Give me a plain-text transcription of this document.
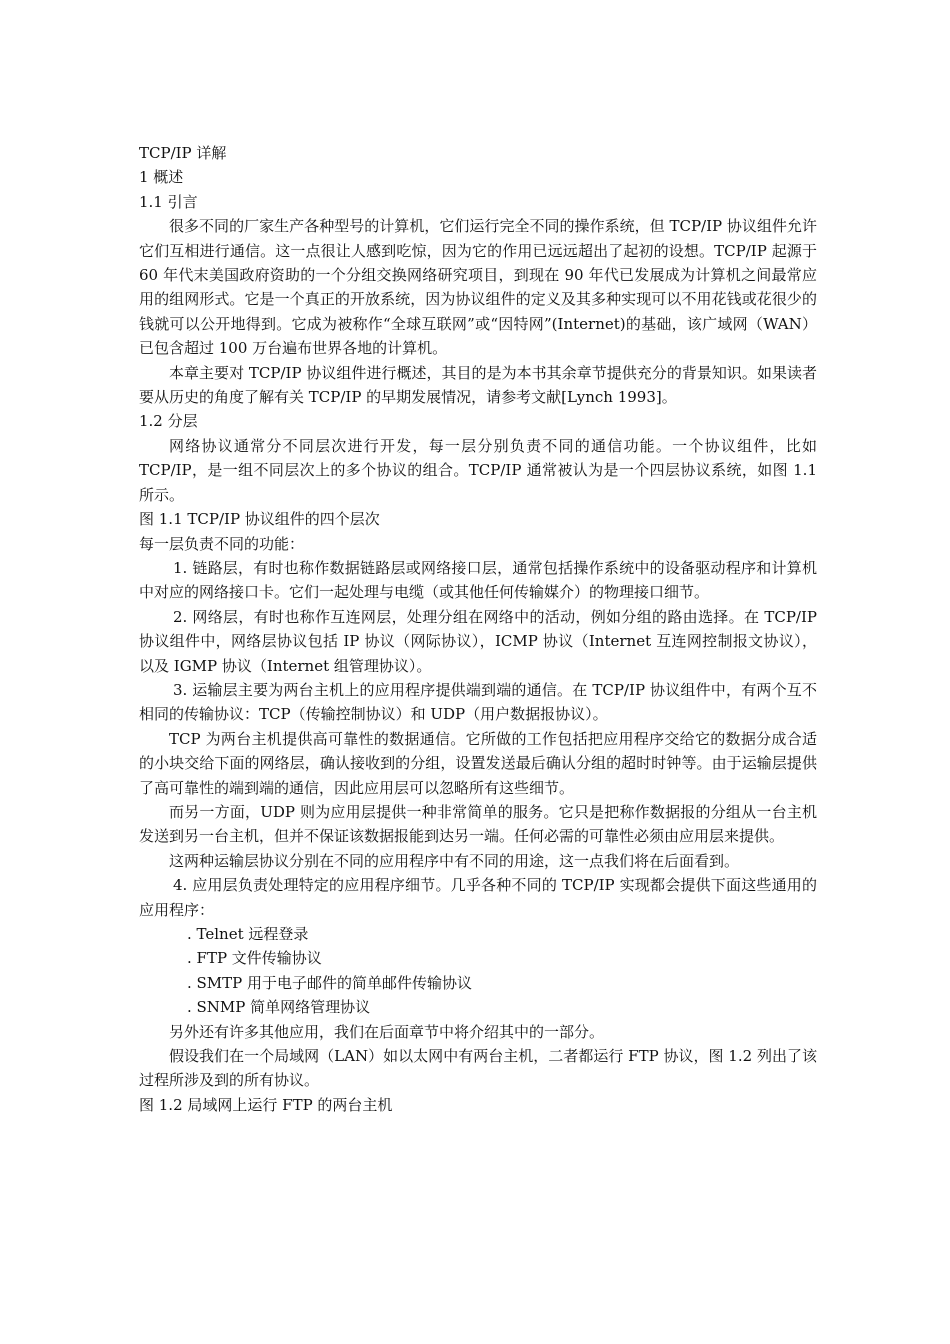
TCP/IP 详解

1 概述

1.1 引言

很多不同的厂家生产各种型号的计算机，它们运行完全不同的操作系统，但 TCP/IP 协议组件允许它们互相进行通信。这一点很让人感到吃惊，因为它的作用已远远超出了起初的设想。TCP/IP 起源于 60 年代末美国政府资助的一个分组交换网络研究项目，到现在 90 年代已发展成为计算机之间最常应用的组网形式。它是一个真正的开放系统，因为协议组件的定义及其多种实现可以不用花钱或花很少的钱就可以公开地得到。它成为被称作“全球互联网”或“因特网”(Internet)的基础，该广域网（WAN）已包含超过 100 万台遍布世界各地的计算机。

本章主要对 TCP/IP 协议组件进行概述，其目的是为本书其余章节提供充分的背景知识。如果读者要从历史的角度了解有关 TCP/IP 的早期发展情况，请参考文献[Lynch 1993]。

1.2 分层

网络协议通常分不同层次进行开发，每一层分别负责不同的通信功能。一个协议组件，比如 TCP/IP，是一组不同层次上的多个协议的组合。TCP/IP 通常被认为是一个四层协议系统，如图 1.1 所示。

图 1.1 TCP/IP 协议组件的四个层次

每一层负责不同的功能：

1. 链路层，有时也称作数据链路层或网络接口层，通常包括操作系统中的设备驱动程序和计算机中对应的网络接口卡。它们一起处理与电缆（或其他任何传输媒介）的物理接口细节。

2. 网络层，有时也称作互连网层，处理分组在网络中的活动，例如分组的路由选择。在 TCP/IP 协议组件中，网络层协议包括 IP 协议（网际协议），ICMP 协议（Internet 互连网控制报文协议），以及 IGMP 协议（Internet 组管理协议）。

3. 运输层主要为两台主机上的应用程序提供端到端的通信。在 TCP/IP 协议组件中，有两个互不相同的传输协议：TCP（传输控制协议）和 UDP（用户数据报协议）。

TCP 为两台主机提供高可靠性的数据通信。它所做的工作包括把应用程序交给它的数据分成合适的小块交给下面的网络层，确认接收到的分组，设置发送最后确认分组的超时时钟等。由于运输层提供了高可靠性的端到端的通信，因此应用层可以忽略所有这些细节。

而另一方面，UDP 则为应用层提供一种非常简单的服务。它只是把称作数据报的分组从一台主机发送到另一台主机，但并不保证该数据报能到达另一端。任何必需的可靠性必须由应用层来提供。

这两种运输层协议分别在不同的应用程序中有不同的用途，这一点我们将在后面看到。

4. 应用层负责处理特定的应用程序细节。几乎各种不同的 TCP/IP 实现都会提供下面这些通用的应用程序：

. Telnet 远程登录

. FTP 文件传输协议

. SMTP 用于电子邮件的简单邮件传输协议

. SNMP 简单网络管理协议

另外还有许多其他应用，我们在后面章节中将介绍其中的一部分。

假设我们在一个局域网（LAN）如以太网中有两台主机，二者都运行 FTP 协议，图 1.2 列出了该过程所涉及到的所有协议。

图 1.2 局域网上运行 FTP 的两台主机
